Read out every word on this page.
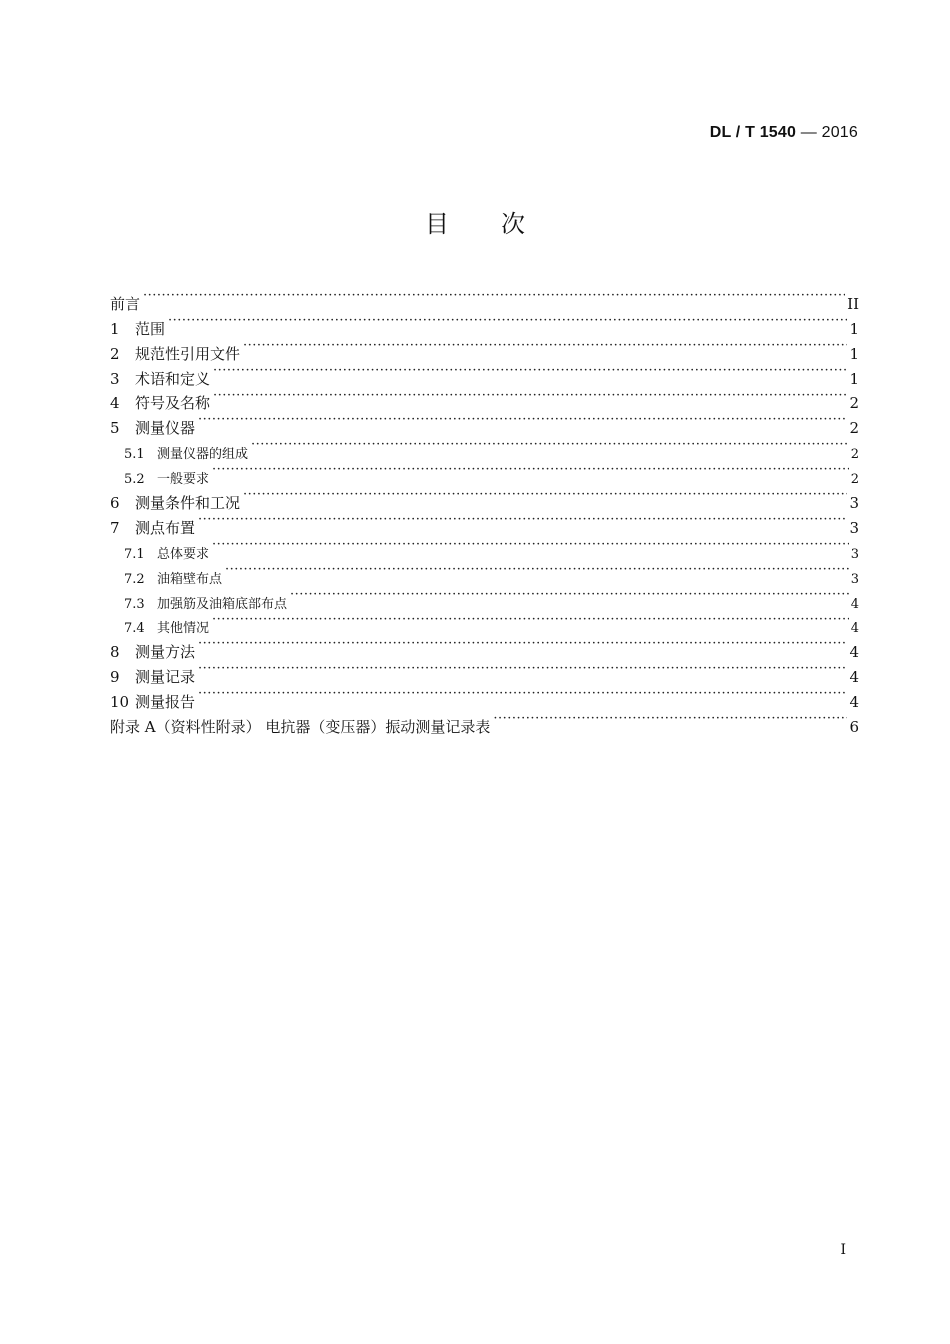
DL / T 1540 — 2016
目 次
前言 ·····	II
1	范围 ·····	1
2	规范性引用文件 ·····	1
3	术语和定义 ·····	1
4	符号及名称 ·····	2
5	测量仪器 ·····	2
5.1 测量仪器的组成 ·····	2
5.2 一般要求 ·····	2
6	测量条件和工况 ·····	3
7	测点布置 ·····	3
7.1 总体要求 ·····	3
7.2 油箱壁布点 ·····	3
7.3 加强筋及油箱底部布点 ·····	4
7.4 其他情况 ·····	4
8	测量方法 ·····	4
9	测量记录 ·····	4
10 测量报告 ·····	4
附录 A（资料性附录） 电抗器（变压器）振动测量记录表 ·····	6
I
